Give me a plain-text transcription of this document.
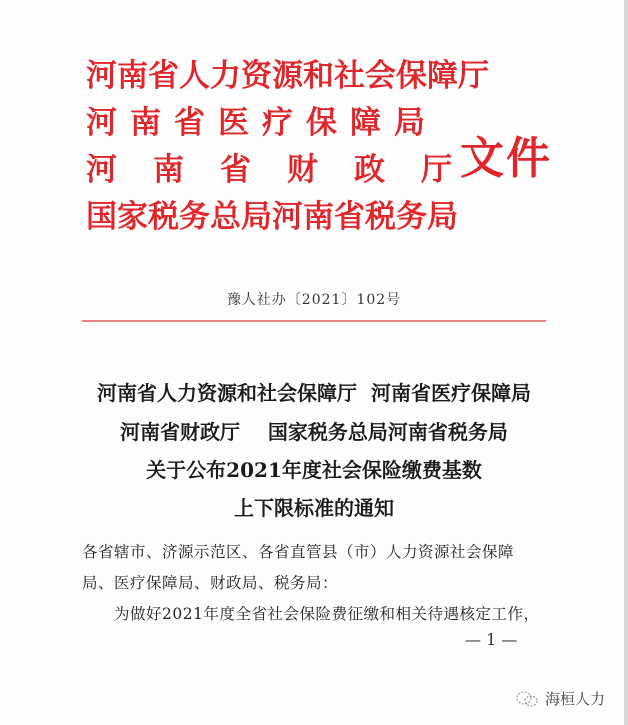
河南省人力资源和社会保障厅
河南省医疗保障局
河南省财政厅
国家税务总局河南省税务局
文件
豫人社办〔2021〕102号
河南省人力资源和社会保障厅  河南省医疗保障局
河南省财政厅    国家税务总局河南省税务局
关于公布2021年度社会保险缴费基数
上下限标准的通知
各省辖市、济源示范区、各省直管县（市）人力资源社会保障
局、医疗保障局、财政局、税务局：
为做好2021年度全省社会保险费征缴和相关待遇核定工作，
— 1 —
海桓人力
